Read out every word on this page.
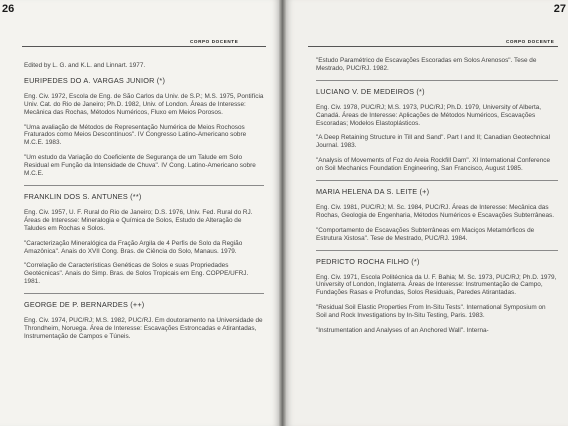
26
CORPO DOCENTE

Edited by L. G. and K.L. and Linnart. 1977.

EURIPEDES DO A. VARGAS JUNIOR (*)

Eng. Civ. 1972, Escola de Eng. de São Carlos da Univ. de S.P.; M.S. 1975, Pontifícia Univ. Cat. do Rio de Janeiro; Ph.D. 1982, Univ. of London. Áreas de Interesse: Mecânica das Rochas, Métodos Numéricos, Fluxo em Meios Porosos.

"Uma avaliação de Métodos de Representação Numérica de Meios Rochosos Fraturados como Meios Descontínuos". IV Congresso Latino-Americano sobre M.C.E. 1983.

"Um estudo da Variação do Coeficiente de Segurança de um Talude em Solo Residual em Função da Intensidade de Chuva". IV Cong. Latino-Americano sobre M.C.E.

FRANKLIN DOS S. ANTUNES (**)

Eng. Civ. 1957, U. F. Rural do Rio de Janeiro; D.S. 1976, Univ. Fed. Rural do RJ. Áreas de Interesse: Mineralogia e Química de Solos, Estudo de Alteração de Taludes em Rochas e Solos.

"Caracterização Mineralógica da Fração Argila de 4 Perfis de Solo da Região Amazônica". Anais do XVII Cong. Bras. de Ciência do Solo, Manaus. 1979.

"Correlação de Características Genéticas de Solos e suas Propriedades Geotécnicas". Anais do Simp. Bras. de Solos Tropicais em Eng. COPPE/UFRJ. 1981.

GEORGE DE P. BERNARDES (++)

Eng. Civ. 1974, PUC/RJ; M.S. 1982, PUC/RJ. Em doutoramento na Universidade de Throndheim, Noruega. Área de Interesse: Escavações Estroncadas e Atirantadas, Instrumentação de Campos e Túneis.

27
CORPO DOCENTE

"Estudo Paramétrico de Escavações Escoradas em Solos Arenosos". Tese de Mestrado, PUC/RJ. 1982.

LUCIANO V. DE MEDEIROS (*)

Eng. Civ. 1978, PUC/RJ; M.S. 1973, PUC/RJ; Ph.D. 1979, University of Alberta, Canadá. Áreas de Interesse: Aplicações de Métodos Numéricos, Escavações Escoradas; Modelos Elastoplásticos.

"A Deep Retaining Structure in Till and Sand". Part I and II; Canadian Geotechnical Journal. 1983.

"Analysis of Movements of Foz do Areia Rockfill Dam". XI International Conference on Soil Mechanics Foundation Engineering, San Francisco, August 1985.

MARIA HELENA DA S. LEITE (+)

Eng. Civ. 1981, PUC/RJ; M. Sc. 1984, PUC/RJ. Áreas de Interesse: Mecânica das Rochas, Geologia de Engenharia, Métodos Numéricos e Escavações Subterrâneas.

"Comportamento de Escavações Subterrâneas em Maciços Metamórficos de Estrutura Xistosa". Tese de Mestrado, PUC/RJ. 1984.

PEDRICTO ROCHA FILHO (*)

Eng. Civ. 1971, Escola Politécnica da U. F. Bahia; M. Sc. 1973, PUC/RJ; Ph.D. 1979, University of London, Inglaterra. Áreas de Interesse: Instrumentação de Campo, Fundações Rasas e Profundas, Solos Residuais, Paredes Atirantadas.

"Residual Soil Elastic Properties From In-Situ Tests". International Symposium on Soil and Rock Investigations by In-Situ Testing, Paris. 1983.

"Instrumentation and Analyses of an Anchored Wall". Interna-
